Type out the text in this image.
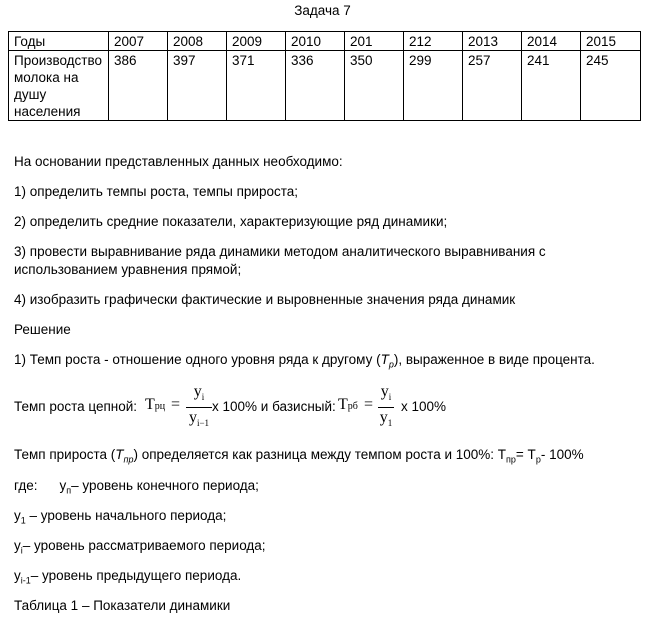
Задача 7
Годы	2007	2008	2009	2010	201	212	2013	2014	2015

Производство
молока на
душу
населения	386	397	371	336	350	299	257	241	245
На основании представленных данных необходимо:
1) определить темпы роста, темпы прироста;
2) определить средние показатели, характеризующие ряд динамики;
3) провести выравнивание ряда динамики методом аналитического выравнивания с
использованием уравнения прямой;
4) изобразить графически фактические и выровненные значения ряда динамик
Решение
1) Темп роста - отношение одного уровня ряда к другому $(T_p)$, выраженное в виде процента.
Темп роста цепной: Трц =
$y_i$
$y_{i-1}$
х 100% и базисный: Трб =
$y_i$
$y_1$
х 100%
Темп прироста $(T_{пр})$ определяется как разница между темпом роста и 100%: $Т_{пр}= Т_р-$ 100%
где: $у_п-$ уровень конечного периода;
$у_1$ – уровень начального периода;
$у_i-$ уровень рассматриваемого периода;
$у_{i-1}-$ уровень предыдущего периода.
Таблица 1 – Показатели динамики
